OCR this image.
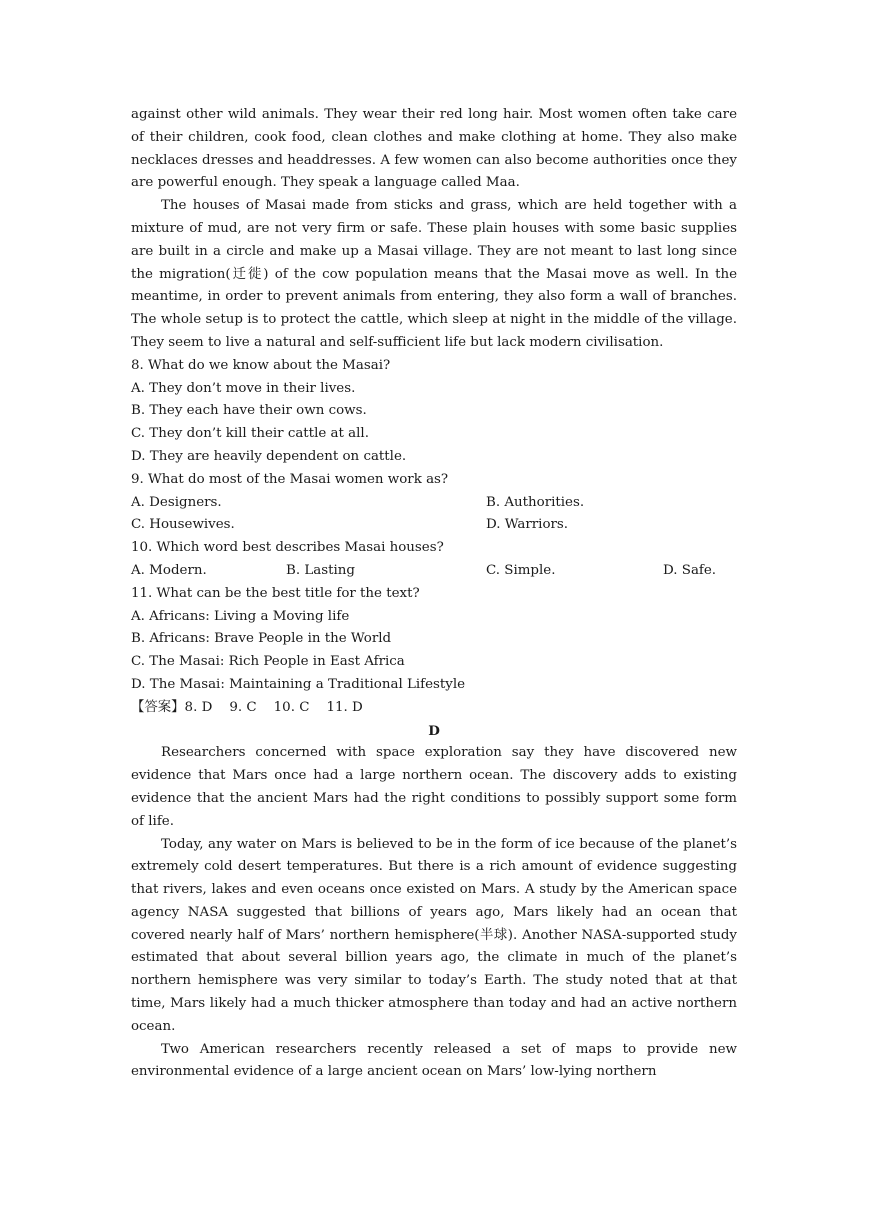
against other wild animals. They wear their red long hair. Most women often take care of their children, cook food, clean clothes and make clothing at home. They also make necklaces dresses and headdresses. A few women can also become authorities once they are powerful enough. They speak a language called Maa.

The houses of Masai made from sticks and grass, which are held together with a mixture of mud, are not very firm or safe. These plain houses with some basic supplies are built in a circle and make up a Masai village. They are not meant to last long since the migration(迁徙) of the cow population means that the Masai move as well. In the meantime, in order to prevent animals from entering, they also form a wall of branches. The whole setup is to protect the cattle, which sleep at night in the middle of the village. They seem to live a natural and self-sufficient life but lack modern civilisation.

8. What do we know about the Masai?

A. They don’t move in their lives.

B. They each have their own cows.

C. They don’t kill their cattle at all.

D. They are heavily dependent on cattle.

9. What do most of the Masai women work as?

A. Designers.	B. Authorities.
C. Housewives.	D. Warriors.

10. Which word best describes Masai houses?

A. Modern.	B. Lasting	C. Simple.	D. Safe.

11. What can be the best title for the text?

A. Africans: Living a Moving life

B. Africans: Brave People in the World

C. The Masai: Rich People in East Africa

D. The Masai: Maintaining a Traditional Lifestyle

【答案】8. D    9. C    10. C    11. D

D

Researchers concerned with space exploration say they have discovered new evidence that Mars once had a large northern ocean. The discovery adds to existing evidence that the ancient Mars had the right conditions to possibly support some form of life.

Today, any water on Mars is believed to be in the form of ice because of the planet’s extremely cold desert temperatures. But there is a rich amount of evidence suggesting that rivers, lakes and even oceans once existed on Mars. A study by the American space agency NASA suggested that billions of years ago, Mars likely had an ocean that covered nearly half of Mars’ northern hemisphere(半球). Another NASA-supported study estimated that about several billion years ago, the climate in much of the planet’s northern hemisphere was very similar to today’s Earth. The study noted that at that time, Mars likely had a much thicker atmosphere than today and had an active northern ocean.

Two American researchers recently released a set of maps to provide new environmental evidence of a large ancient ocean on Mars’ low-lying northern
